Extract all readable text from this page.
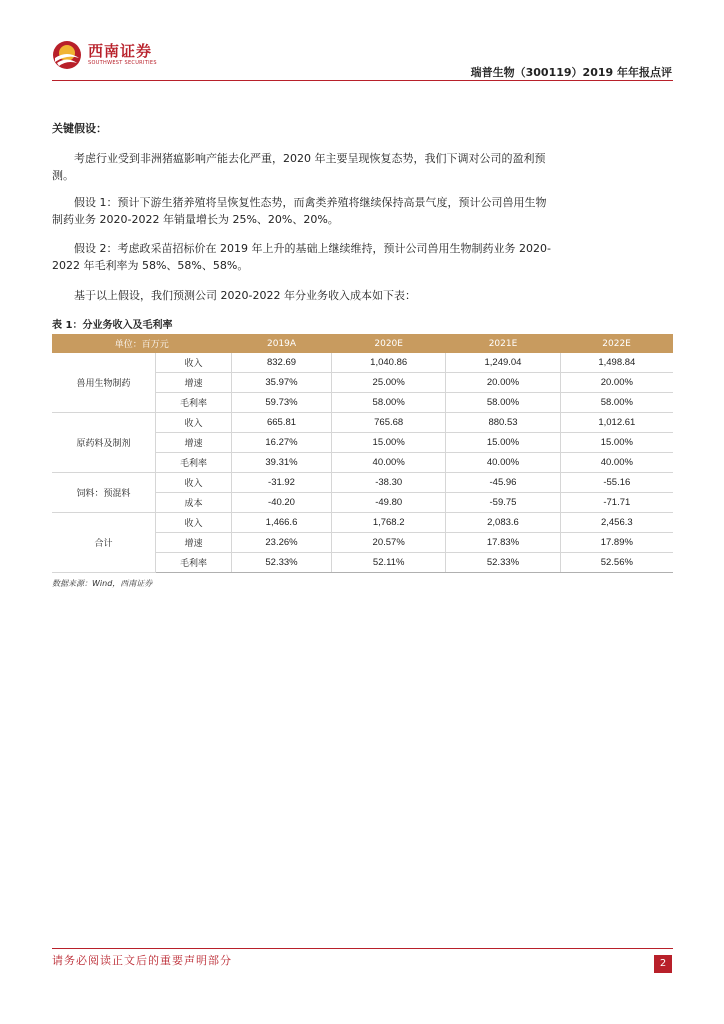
西南证券
SOUTHWEST SECURITIES
瑞普生物（300119）2019 年年报点评

关键假设：

考虑行业受到非洲猪瘟影响产能去化严重，2020 年主要呈现恢复态势，我们下调对公司的盈利预测。

假设 1：预计下游生猪养殖将呈恢复性态势，而禽类养殖将继续保持高景气度，预计公司兽用生物制药业务 2020-2022 年销量增长为 25%、20%、20%。

假设 2：考虑政采苗招标价在 2019 年上升的基础上继续维持，预计公司兽用生物制药业务 2020-2022 年毛利率为 58%、58%、58%。

基于以上假设，我们预测公司 2020-2022 年分业务收入成本如下表：

表 1：分业务收入及毛利率

单位：百万元		2019A	2020E	2021E	2022E
兽用生物制药	收入	832.69	1,040.86	1,249.04	1,498.84
	增速	35.97%	25.00%	20.00%	20.00%
	毛利率	59.73%	58.00%	58.00%	58.00%
原药料及制剂	收入	665.81	765.68	880.53	1,012.61
	增速	16.27%	15.00%	15.00%	15.00%
	毛利率	39.31%	40.00%	40.00%	40.00%
饲料：预混料	收入	-31.92	-38.30	-45.96	-55.16
	成本	-40.20	-49.80	-59.75	-71.71
合计	收入	1,466.6	1,768.2	2,083.6	2,456.3
	增速	23.26%	20.57%	17.83%	17.89%
	毛利率	52.33%	52.11%	52.33%	52.56%
数据来源：Wind，西南证券
请务必阅读正文后的重要声明部分	2
